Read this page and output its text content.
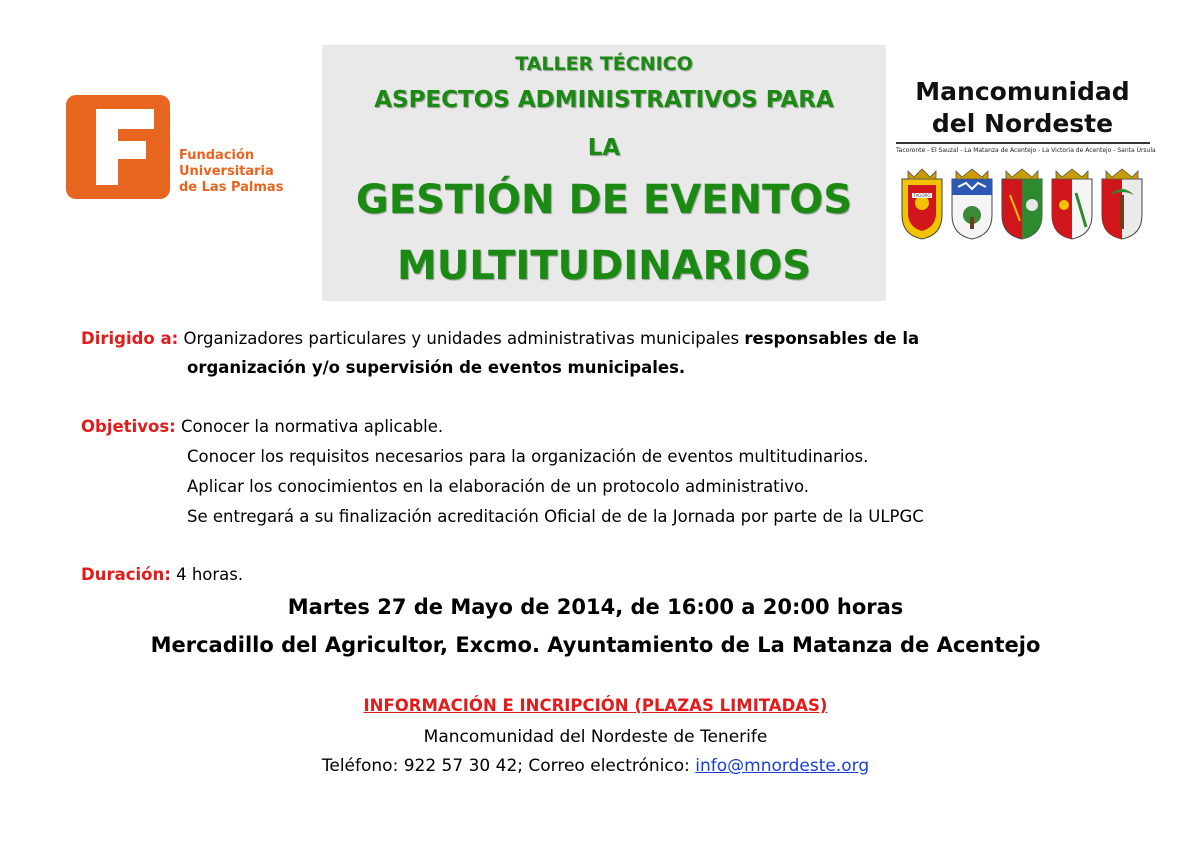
Fundación
Universitaria
de Las Palmas
TALLER TÉCNICO
ASPECTOS ADMINISTRATIVOS PARA
LA
GESTIÓN DE EVENTOS
MULTITUDINARIOS
Mancomunidad
del Nordeste
Tacoronte - El Sauzal - La Matanza de Acentejo - La Victoria de Acentejo - Santa Úrsula
TAGORO
Dirigido a: Organizadores particulares y unidades administrativas municipales responsables de la
organización y/o supervisión de eventos municipales.
Objetivos: Conocer la normativa aplicable.
Conocer los requisitos necesarios para la organización de eventos multitudinarios.
Aplicar los conocimientos en la elaboración de un protocolo administrativo.
Se entregará a su finalización acreditación Oficial de de la Jornada por parte de la ULPGC
Duración: 4 horas.
Martes 27 de Mayo de 2014, de 16:00 a 20:00 horas
Mercadillo del Agricultor, Excmo. Ayuntamiento de La Matanza de Acentejo
INFORMACIÓN E INCRIPCIÓN (PLAZAS LIMITADAS)
Mancomunidad del Nordeste de Tenerife
Teléfono: 922 57 30 42; Correo electrónico: info@mnordeste.org
